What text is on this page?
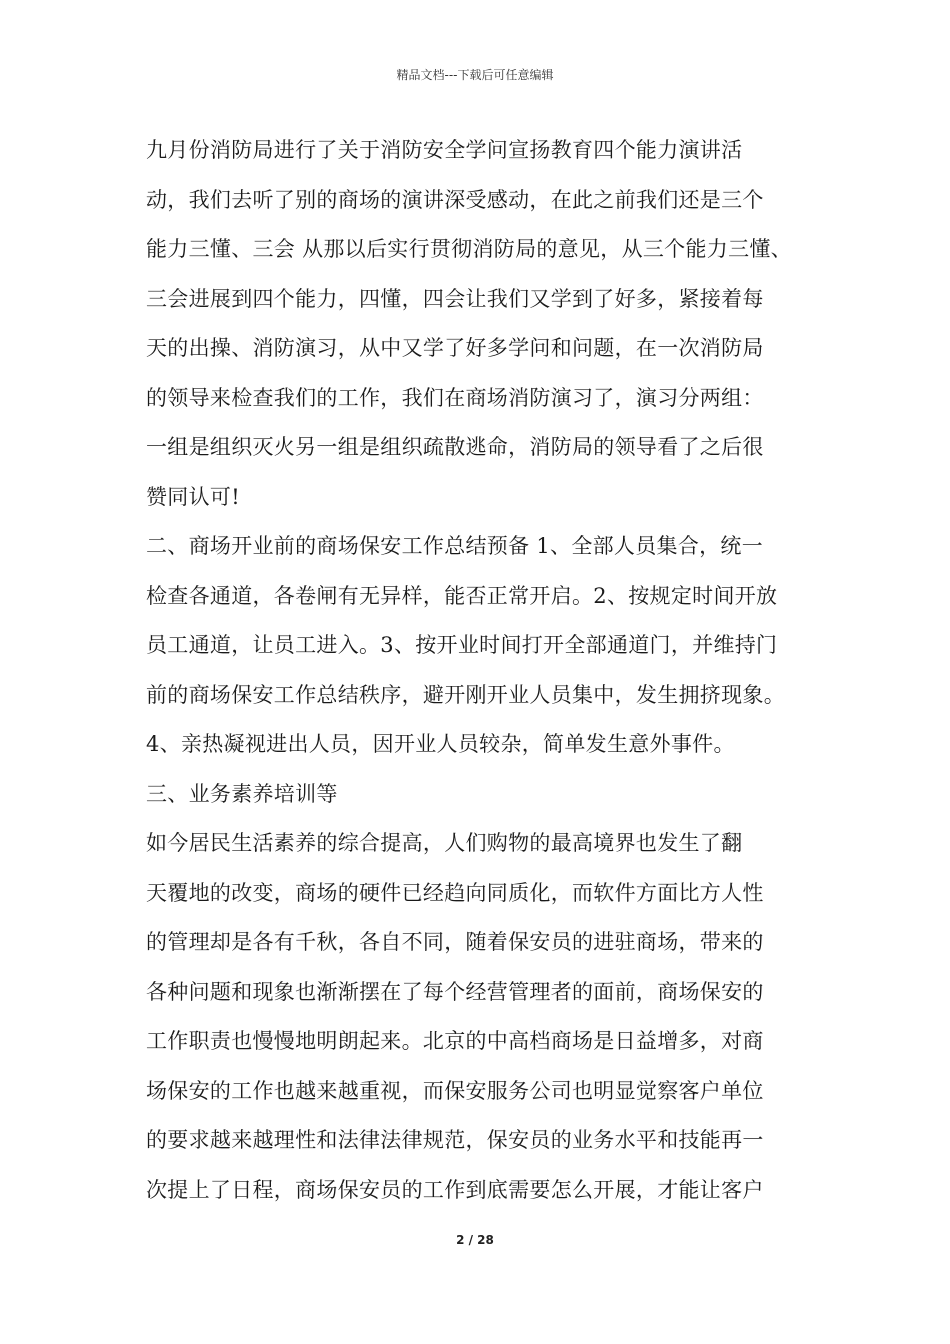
精品文档---下载后可任意编辑
九月份消防局进行了关于消防安全学问宣扬教育四个能力演讲活
动，我们去听了别的商场的演讲深受感动，在此之前我们还是三个
能力三懂、三会 从那以后实行贯彻消防局的意见，从三个能力三懂、
三会进展到四个能力，四懂，四会让我们又学到了好多，紧接着每
天的出操、消防演习，从中又学了好多学问和问题，在一次消防局
的领导来检查我们的工作，我们在商场消防演习了，演习分两组：
一组是组织灭火另一组是组织疏散逃命，消防局的领导看了之后很
赞同认可!
二、商场开业前的商场保安工作总结预备 1、全部人员集合，统一
检查各通道，各卷闸有无异样，能否正常开启。2、按规定时间开放
员工通道，让员工进入。3、按开业时间打开全部通道门，并维持门
前的商场保安工作总结秩序，避开刚开业人员集中，发生拥挤现象。
4、亲热凝视进出人员，因开业人员较杂，简单发生意外事件。
三、业务素养培训等
如今居民生活素养的综合提高，人们购物的最高境界也发生了翻
天覆地的改变，商场的硬件已经趋向同质化，而软件方面比方人性
的管理却是各有千秋，各自不同，随着保安员的进驻商场，带来的
各种问题和现象也渐渐摆在了每个经营管理者的面前，商场保安的
工作职责也慢慢地明朗起来。北京的中高档商场是日益增多，对商
场保安的工作也越来越重视，而保安服务公司也明显觉察客户单位
的要求越来越理性和法律法律规范，保安员的业务水平和技能再一
次提上了日程，商场保安员的工作到底需要怎么开展，才能让客户
2 / 28
